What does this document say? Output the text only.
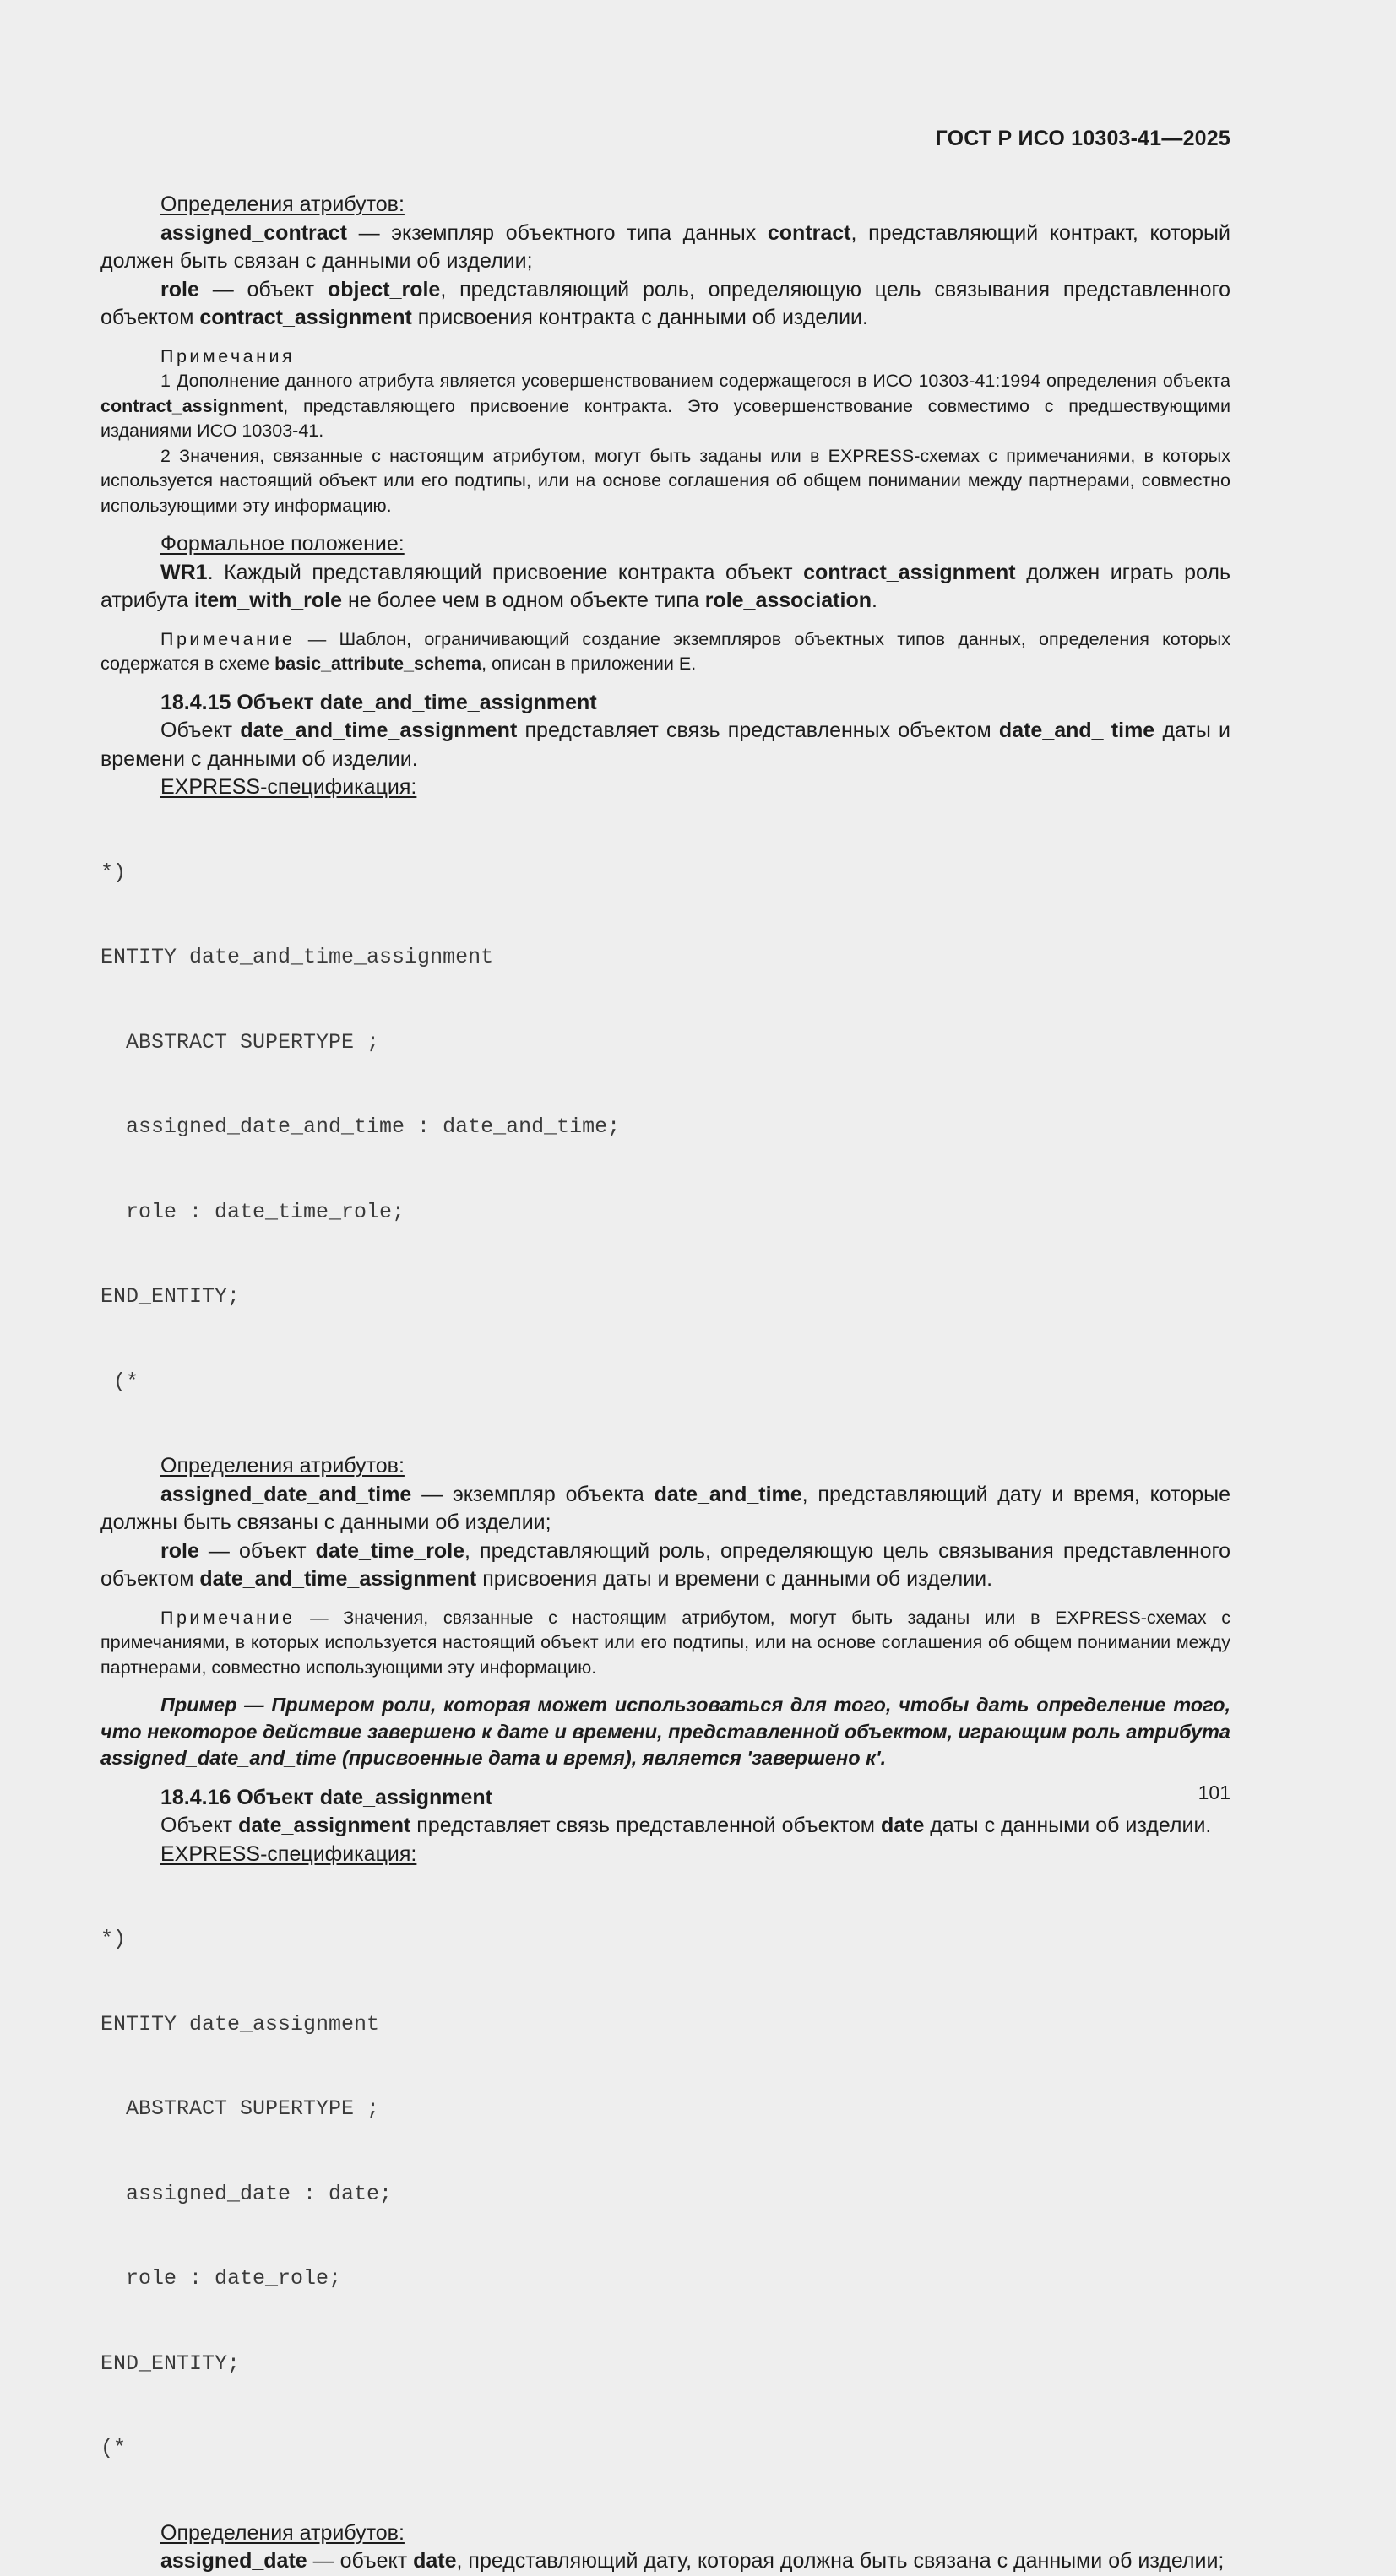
ГОСТ Р ИСО 10303-41—2025
Определения атрибутов:
assigned_contract — экземпляр объектного типа данных contract, представляющий контракт, который должен быть связан с данными об изделии;
role — объект object_role, представляющий роль, определяющую цель связывания представленного объектом contract_assignment присвоения контракта с данными об изделии.
Примечания
1 Дополнение данного атрибута является усовершенствованием содержащегося в ИСО 10303-41:1994 определения объекта contract_assignment, представляющего присвоение контракта. Это усовершенствование совместимо с предшествующими изданиями ИСО 10303-41.
2 Значения, связанные с настоящим атрибутом, могут быть заданы или в EXPRESS-схемах с примечаниями, в которых используется настоящий объект или его подтипы, или на основе соглашения об общем понимании между партнерами, совместно использующими эту информацию.
Формальное положение:
WR1. Каждый представляющий присвоение контракта объект contract_assignment должен играть роль атрибута item_with_role не более чем в одном объекте типа role_association.
Примечание — Шаблон, ограничивающий создание экземпляров объектных типов данных, определения которых содержатся в схеме basic_attribute_schema, описан в приложении E.
18.4.15 Объект date_and_time_assignment
Объект date_and_time_assignment представляет связь представленных объектом date_and_ time даты и времени с данными об изделии.
EXPRESS-спецификация:

*)

ENTITY date_and_time_assignment

ABSTRACT SUPERTYPE ;

assigned_date_and_time : date_and_time;

role : date_time_role;

END_ENTITY;

(*

Определения атрибутов:
assigned_date_and_time — экземпляр объекта date_and_time, представляющий дату и время, которые должны быть связаны с данными об изделии;
role — объект date_time_role, представляющий роль, определяющую цель связывания представленного объектом date_and_time_assignment присвоения даты и времени с данными об изделии.
Примечание — Значения, связанные с настоящим атрибутом, могут быть заданы или в EXPRESS-схемах с примечаниями, в которых используется настоящий объект или его подтипы, или на основе соглашения об общем понимании между партнерами, совместно использующими эту информацию.
Пример — Примером роли, которая может использоваться для того, чтобы дать определение того, что некоторое действие завершено к дате и времени, представленной объектом, играющим роль атрибута assigned_date_and_time (присвоенные дата и время), является 'завершено к'.
18.4.16 Объект date_assignment
Объект date_assignment представляет связь представленной объектом date даты с данными об изделии.
EXPRESS-спецификация:

*)

ENTITY date_assignment

ABSTRACT SUPERTYPE ;

assigned_date : date;

role : date_role;

END_ENTITY;

(*

Определения атрибутов:
assigned_date — объект date, представляющий дату, которая должна быть связана с данными об изделии;
101
